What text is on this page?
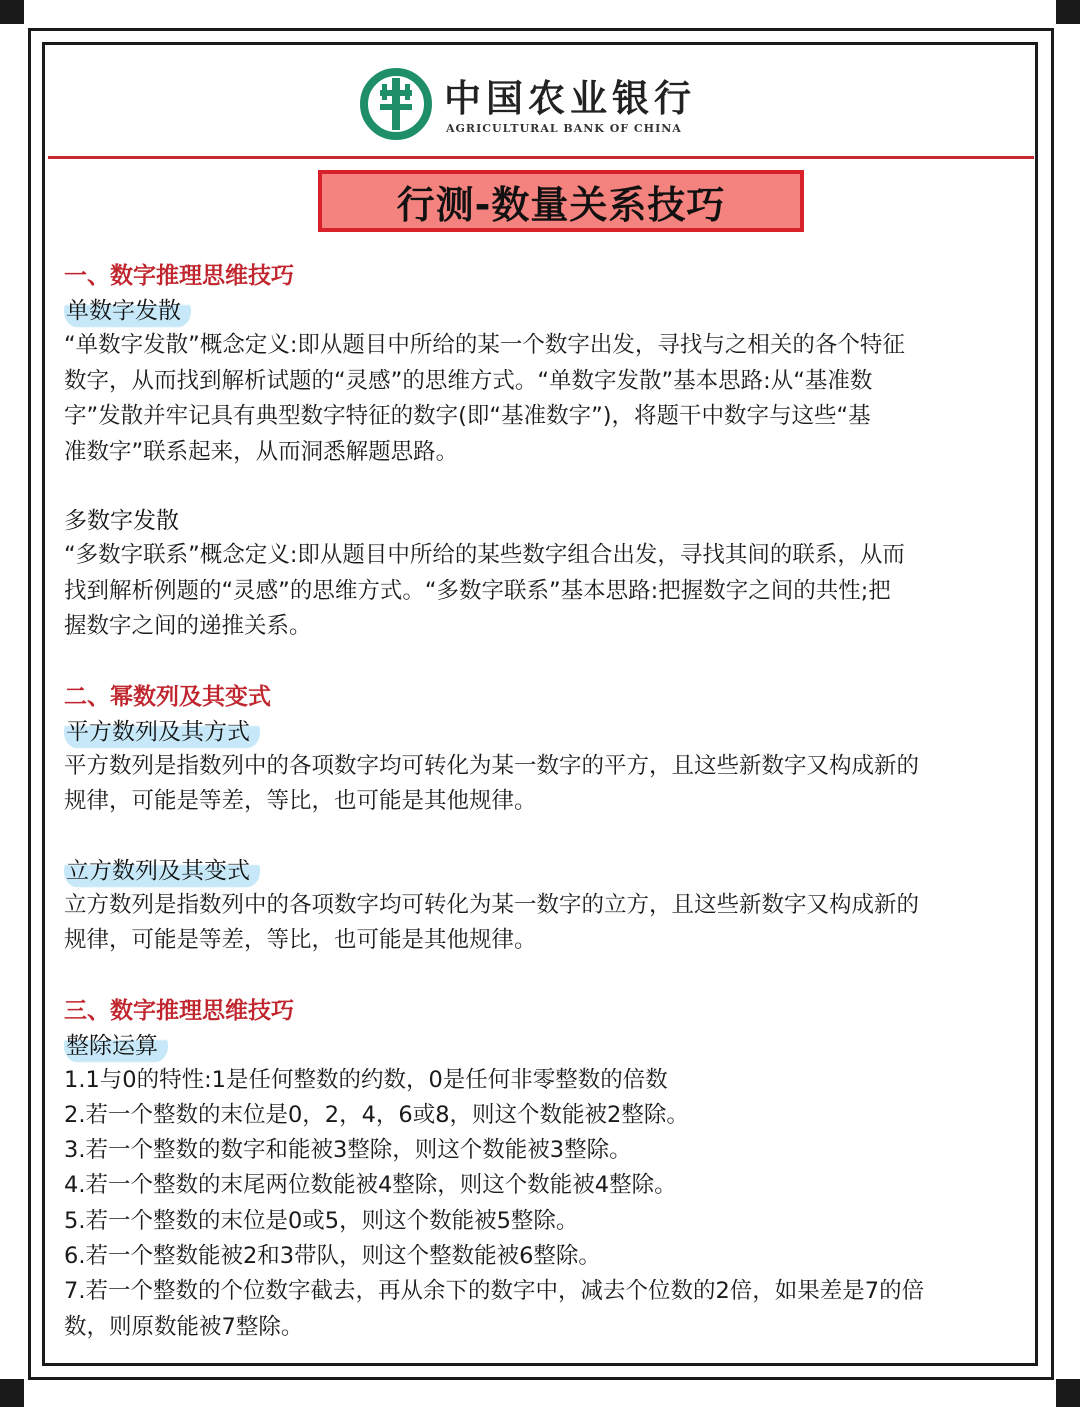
中国农业银行
AGRICULTURAL BANK OF CHINA
行测-数量关系技巧
一、数字推理思维技巧
单数字发散
“单数字发散”概念定义:即从题目中所给的某一个数字出发，寻找与之相关的各个特征
数字，从而找到解析试题的“灵感”的思维方式。“单数字发散”基本思路:从“基准数
字”发散并牢记具有典型数字特征的数字(即“基准数字”)，将题干中数字与这些“基
准数字”联系起来，从而洞悉解题思路。
多数字发散
“多数字联系”概念定义:即从题目中所给的某些数字组合出发，寻找其间的联系，从而
找到解析例题的“灵感”的思维方式。“多数字联系”基本思路:把握数字之间的共性;把
握数字之间的递推关系。
二、幂数列及其变式
平方数列及其方式
平方数列是指数列中的各项数字均可转化为某一数字的平方，且这些新数字又构成新的
规律，可能是等差，等比，也可能是其他规律。
立方数列及其变式
立方数列是指数列中的各项数字均可转化为某一数字的立方，且这些新数字又构成新的
规律，可能是等差，等比，也可能是其他规律。
三、数字推理思维技巧
整除运算
1.1与0的特性:1是任何整数的约数，0是任何非零整数的倍数
2.若一个整数的末位是0，2，4，6或8，则这个数能被2整除。
3.若一个整数的数字和能被3整除，则这个数能被3整除。
4.若一个整数的末尾两位数能被4整除，则这个数能被4整除。
5.若一个整数的末位是0或5，则这个数能被5整除。
6.若一个整数能被2和3带队，则这个整数能被6整除。
7.若一个整数的个位数字截去，再从余下的数字中，减去个位数的2倍，如果差是7的倍
数，则原数能被7整除。
